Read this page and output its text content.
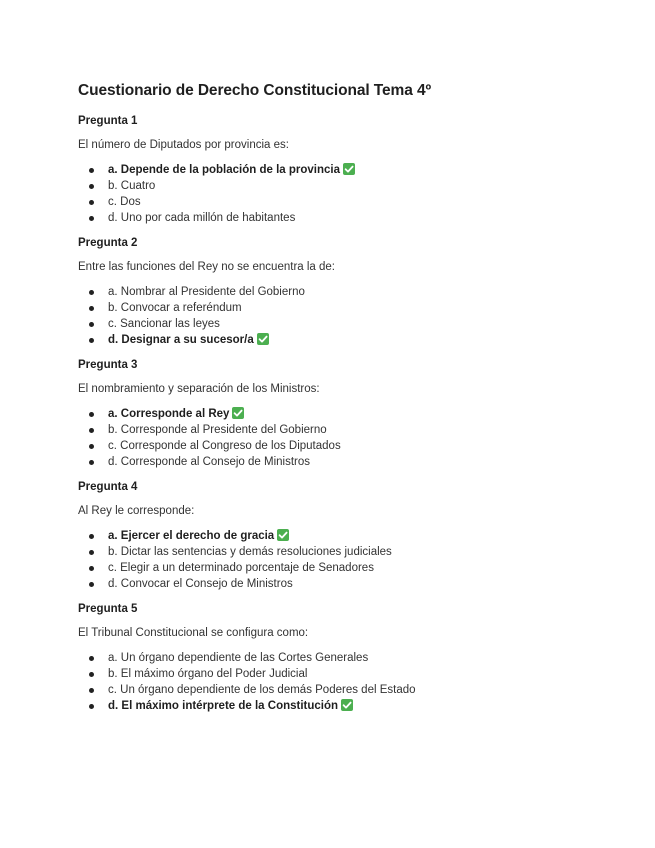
Cuestionario de Derecho Constitucional Tema 4º
Pregunta 1
El número de Diputados por provincia es:
a. Depende de la población de la provincia
b. Cuatro
c. Dos
d. Uno por cada millón de habitantes
Pregunta 2
Entre las funciones del Rey no se encuentra la de:
a. Nombrar al Presidente del Gobierno
b. Convocar a referéndum
c. Sancionar las leyes
d. Designar a su sucesor/a
Pregunta 3
El nombramiento y separación de los Ministros:
a. Corresponde al Rey
b. Corresponde al Presidente del Gobierno
c. Corresponde al Congreso de los Diputados
d. Corresponde al Consejo de Ministros
Pregunta 4
Al Rey le corresponde:
a. Ejercer el derecho de gracia
b. Dictar las sentencias y demás resoluciones judiciales
c. Elegir a un determinado porcentaje de Senadores
d. Convocar el Consejo de Ministros
Pregunta 5
El Tribunal Constitucional se configura como:
a. Un órgano dependiente de las Cortes Generales
b. El máximo órgano del Poder Judicial
c. Un órgano dependiente de los demás Poderes del Estado
d. El máximo intérprete de la Constitución
